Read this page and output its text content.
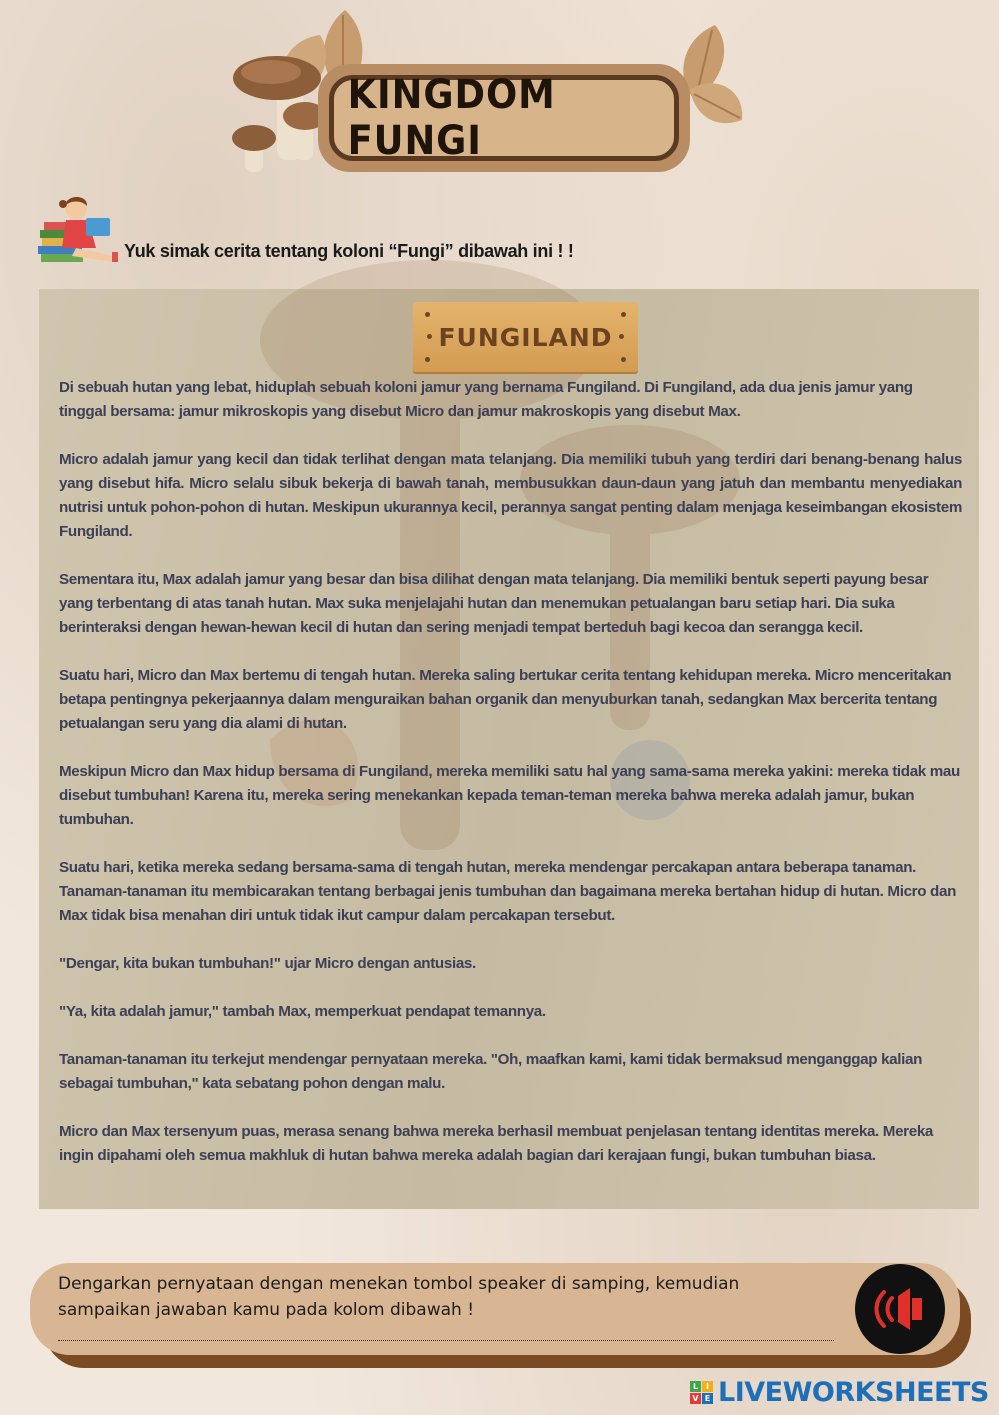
KINGDOM FUNGI
Yuk simak cerita tentang koloni “Fungi” dibawah ini ! !
FUNGILAND

Di sebuah hutan yang lebat, hiduplah sebuah koloni jamur yang bernama Fungiland. Di Fungiland, ada dua jenis jamur yang tinggal bersama: jamur mikroskopis yang disebut Micro dan jamur makroskopis yang disebut Max.

Micro adalah jamur yang kecil dan tidak terlihat dengan mata telanjang. Dia memiliki tubuh yang terdiri dari benang-benang halus yang disebut hifa. Micro selalu sibuk bekerja di bawah tanah, membusukkan daun-daun yang jatuh dan membantu menyediakan nutrisi untuk pohon-pohon di hutan. Meskipun ukurannya kecil, perannya sangat penting dalam menjaga keseimbangan ekosistem Fungiland.

Sementara itu, Max adalah jamur yang besar dan bisa dilihat dengan mata telanjang. Dia memiliki bentuk seperti payung besar yang terbentang di atas tanah hutan. Max suka menjelajahi hutan dan menemukan petualangan baru setiap hari. Dia suka berinteraksi dengan hewan-hewan kecil di hutan dan sering menjadi tempat berteduh bagi kecoa dan serangga kecil.

Suatu hari, Micro dan Max bertemu di tengah hutan. Mereka saling bertukar cerita tentang kehidupan mereka. Micro menceritakan betapa pentingnya pekerjaannya dalam menguraikan bahan organik dan menyuburkan tanah, sedangkan Max bercerita tentang petualangan seru yang dia alami di hutan.

Meskipun Micro dan Max hidup bersama di Fungiland, mereka memiliki satu hal yang sama-sama mereka yakini: mereka tidak mau disebut tumbuhan! Karena itu, mereka sering menekankan kepada teman-teman mereka bahwa mereka adalah jamur, bukan tumbuhan.

Suatu hari, ketika mereka sedang bersama-sama di tengah hutan, mereka mendengar percakapan antara beberapa tanaman. Tanaman-tanaman itu membicarakan tentang berbagai jenis tumbuhan dan bagaimana mereka bertahan hidup di hutan. Micro dan Max tidak bisa menahan diri untuk tidak ikut campur dalam percakapan tersebut.

"Dengar, kita bukan tumbuhan!" ujar Micro dengan antusias.

"Ya, kita adalah jamur," tambah Max, memperkuat pendapat temannya.

Tanaman-tanaman itu terkejut mendengar pernyataan mereka. "Oh, maafkan kami, kami tidak bermaksud menganggap kalian sebagai tumbuhan," kata sebatang pohon dengan malu.

Micro dan Max tersenyum puas, merasa senang bahwa mereka berhasil membuat penjelasan tentang identitas mereka. Mereka ingin dipahami oleh semua makhluk di hutan bahwa mereka adalah bagian dari kerajaan fungi, bukan tumbuhan biasa.

Dengarkan pernyataan dengan menekan tombol speaker di samping, kemudian sampaikan jawaban kamu pada kolom dibawah !
L I
V E LIVEWORKSHEETS
